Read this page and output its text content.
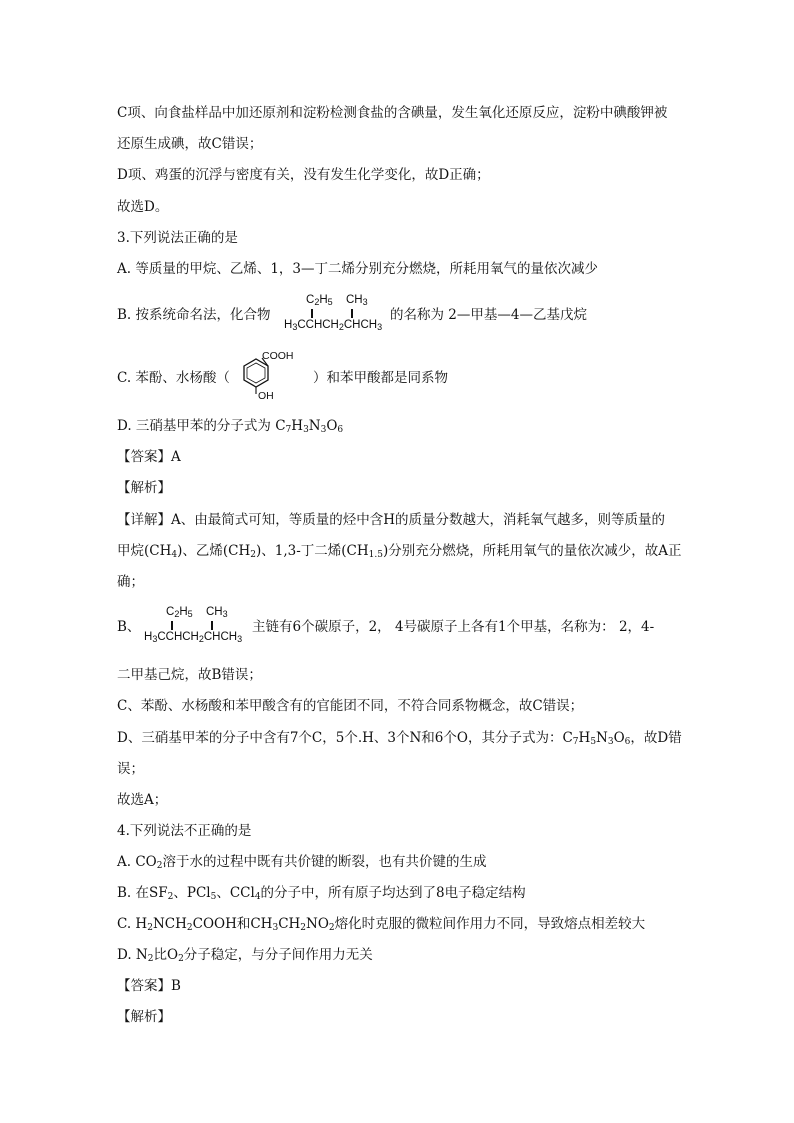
C项、向食盐样品中加还原剂和淀粉检测食盐的含碘量，发生氧化还原反应，淀粉中碘酸钾被
还原生成碘，故C错误；
D项、鸡蛋的沉浮与密度有关，没有发生化学变化，故D正确；
故选D。
3.下列说法正确的是
A. 等质量的甲烷、乙烯、1，3—丁二烯分别充分燃烧，所耗用氧气的量依次减少
B. 按系统命名法，化合物
$C_2H_5$ $CH_3$
$H_3CCHCH_2CHCH_3$
的名称为 2—甲基—4—乙基戊烷
C. 苯酚、水杨酸（
COOH
OH
）和苯甲酸都是同系物
D. 三硝基甲苯的分子式为 $C_7H_3N_3O_6$
【答案】A
【解析】
【详解】A、由最简式可知，等质量的烃中含H的质量分数越大，消耗氧气越多，则等质量的
甲烷$(CH_4)$、乙烯$(CH_2)$、1,3-丁二烯$(CH_{1.5})$分别充分燃烧，所耗用氧气的量依次减少，故A正
确；
B、
$C_2H_5$ $CH_3$
$H_3CCHCH_2CHCH_3$
主链有6个碳原子，2， 4号碳原子上各有1个甲基，名称为： 2，4-
二甲基己烷，故B错误；
C、苯酚、水杨酸和苯甲酸含有的官能团不同，不符合同系物概念，故C错误；
D、三硝基甲苯的分子中含有7个C，5个.H、3个N和6个O，其分子式为：$C_7H_5N_3O_6$，故D错
误；
故选A；
4.下列说法不正确的是
A. $CO_2$溶于水的过程中既有共价键的断裂，也有共价键的生成
B. 在$SF_2$、PCl$_5$、CCl$_4$的分子中，所有原子均达到了8电子稳定结构
C. $H_2NCH_2COOH$和$CH_3CH_2NO_2$熔化时克服的微粒间作用力不同，导致熔点相差较大
D. $N_2$比$O_2$分子稳定，与分子间作用力无关
【答案】B
【解析】
